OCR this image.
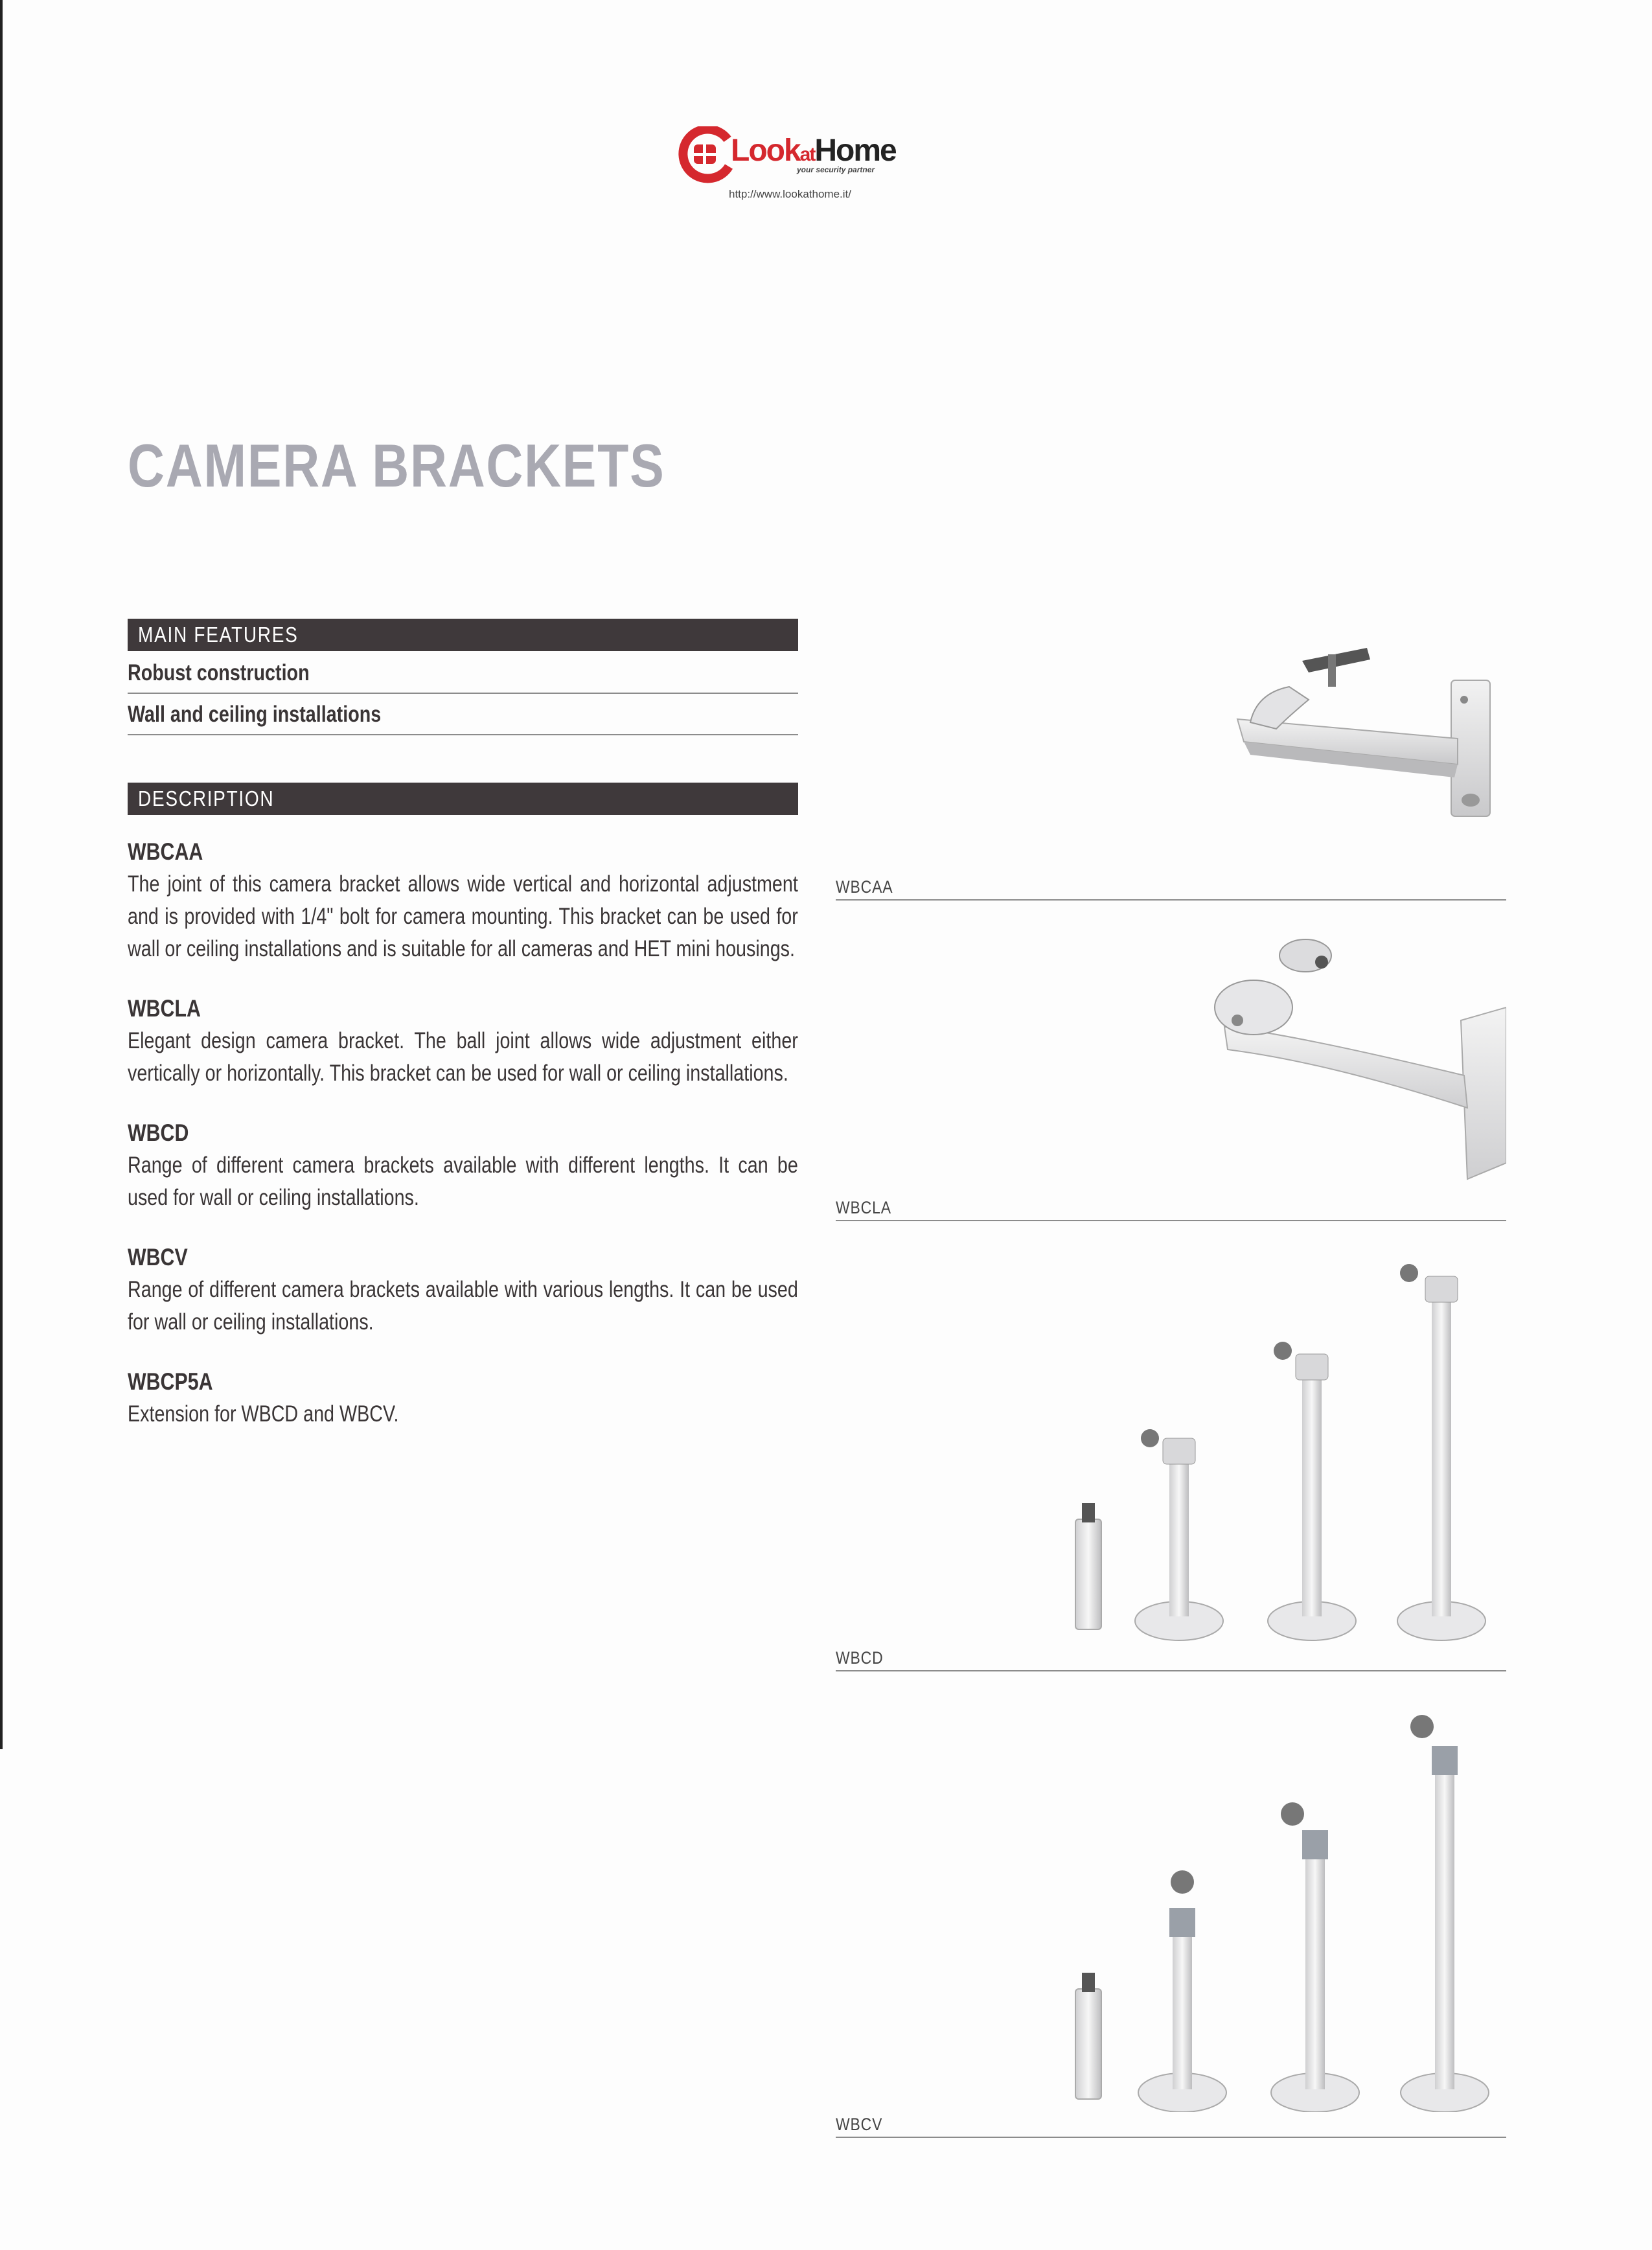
LookatHome
your security partner
http://www.lookathome.it/
CAMERA BRACKETS
MAIN FEATURES
Robust construction
Wall and ceiling installations
DESCRIPTION
WBCAA
The joint of this camera bracket allows wide vertical and horizontal adjustment and is provided with 1/4" bolt for camera mounting. This bracket can be used for wall or ceiling installations and is suitable for all cameras and HET mini housings.
WBCLA
Elegant design camera bracket. The ball joint allows wide adjustment either vertically or horizontally. This bracket can be used for wall or ceiling installations.
WBCD
Range of different camera brackets available with different lengths. It can be used for wall or ceiling installations.
WBCV
Range of different camera brackets available with various lengths. It can be used for wall or ceiling installations.
WBCP5A
Extension for WBCD and WBCV.
WBCAA
WBCLA
WBCD
WBCV
